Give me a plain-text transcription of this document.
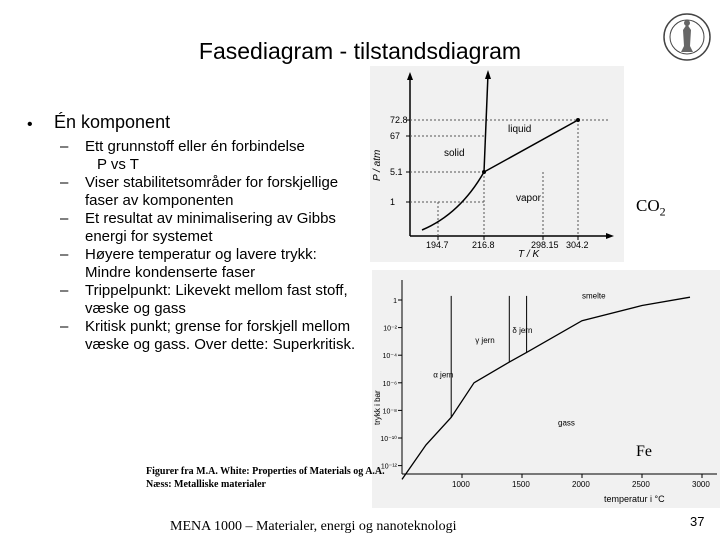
Fasediagram - tilstandsdiagram
• Én komponent
– Ett grunnstoff eller én forbindelse
P vs T
– Viser stabilitetsområder for forskjellige faser av komponenten
– Et resultat av minimalisering av Gibbs energi for systemet
– Høyere temperatur og lavere trykk: Mindre kondenserte faser
– Trippelpunkt: Likevekt mellom fast stoff, væske og gass
– Kritisk punkt; grense for forskjell mellom væske og gass. Over dette: Superkritisk.
P / atm
T / K
72.8
67
5.1
1
194.7	216.8	298.15 304.2
solid
liquid
vapor	$CO_2$
trykk i bar
temperatur i °C
1
10⁻²
10⁻⁴
10⁻⁶
10⁻⁸
10⁻¹⁰
10⁻¹²
1000	1500	2000	2500	3000
smelte
δ jern
γ jern
α jern
gass
Fe
Figurer fra M.A. White: Properties of Materials og A.A. Næss: Metalliske materialer
MENA 1000 – Materialer, energi og nanoteknologi	37
